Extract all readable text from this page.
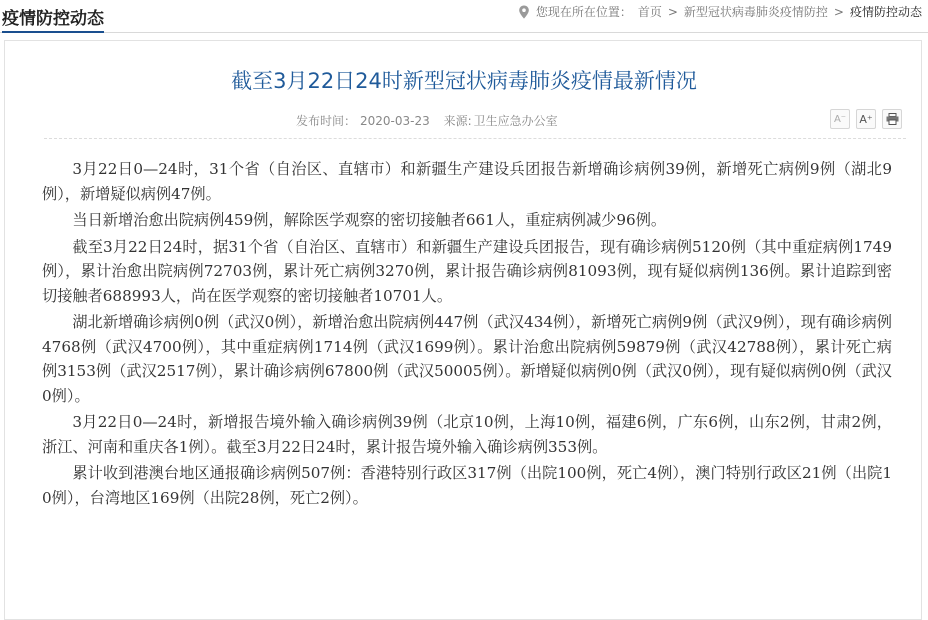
疫情防控动态	您现在所在位置： 首页 > 新型冠状病毒肺炎疫情防控 > 疫情防控动态
截至3月22日24时新型冠状病毒肺炎疫情最新情况
发布时间： 2020-03-23 来源: 卫生应急办公室	A⁻	A⁺

3月22日0—24时，31个省（自治区、直辖市）和新疆生产建设兵团报告新增确诊病例39例，新增死亡病例9例（湖北9例），新增疑似病例47例。

当日新增治愈出院病例459例，解除医学观察的密切接触者661人，重症病例减少96例。

截至3月22日24时，据31个省（自治区、直辖市）和新疆生产建设兵团报告，现有确诊病例5120例（其中重症病例1749例），累计治愈出院病例72703例，累计死亡病例3270例，累计报告确诊病例81093例，现有疑似病例136例。累计追踪到密切接触者688993人，尚在医学观察的密切接触者10701人。

湖北新增确诊病例0例（武汉0例），新增治愈出院病例447例（武汉434例），新增死亡病例9例（武汉9例），现有确诊病例4768例（武汉4700例），其中重症病例1714例（武汉1699例）。累计治愈出院病例59879例（武汉42788例），累计死亡病例3153例（武汉2517例），累计确诊病例67800例（武汉50005例）。新增疑似病例0例（武汉0例），现有疑似病例0例（武汉0例）。

3月22日0—24时，新增报告境外输入确诊病例39例（北京10例，上海10例，福建6例，广东6例，山东2例，甘肃2例，浙江、河南和重庆各1例）。截至3月22日24时，累计报告境外输入确诊病例353例。

累计收到港澳台地区通报确诊病例507例：香港特别行政区317例（出院100例，死亡4例），澳门特别行政区21例（出院10例），台湾地区169例（出院28例，死亡2例）。
